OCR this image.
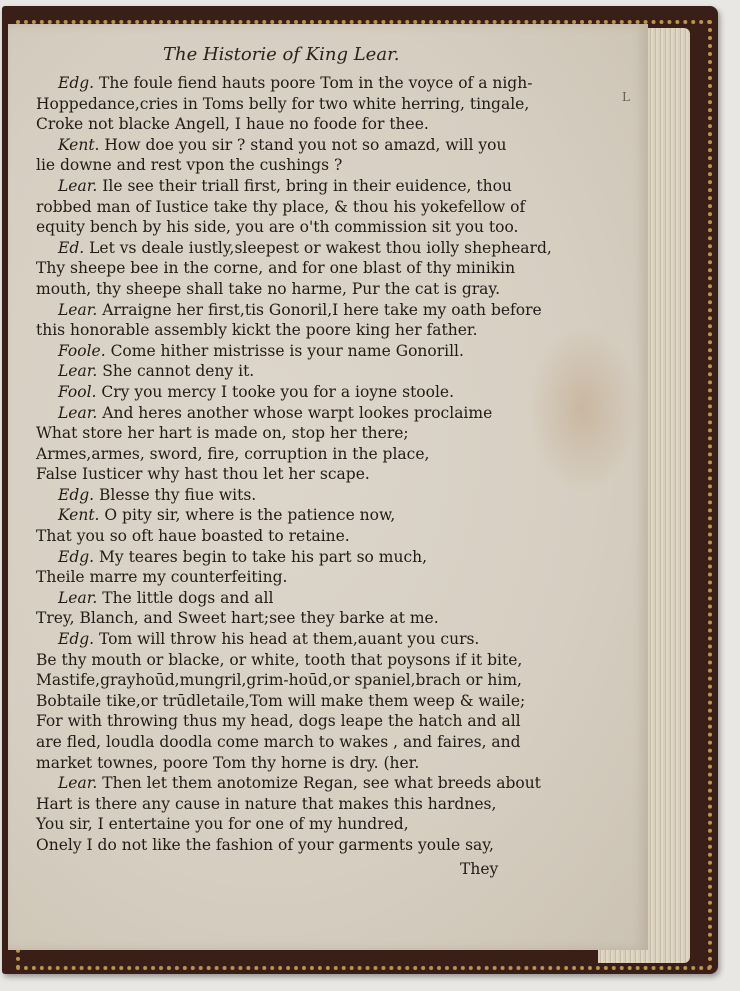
The Historie of King Lear.
L
Edg. The foule fiend hauts poore Tom in the voyce of a nigh-
Hoppedance,cries in Toms belly for two white herring, tingale,
Croke not blacke Angell, I haue no foode for thee.
Kent. How doe you sir ? stand you not so amazd, will you
lie downe and rest vpon the cushings ?
Lear. Ile see their triall first, bring in their euidence, thou
robbed man of Iustice take thy place, & thou his yokefellow of
equity bench by his side, you are o'th commission sit you too.
Ed. Let vs deale iustly,sleepest or wakest thou iolly shepheard,
Thy sheepe bee in the corne, and for one blast of thy minikin
mouth, thy sheepe shall take no harme, Pur the cat is gray.
Lear. Arraigne her first,tis Gonoril,I here take my oath before
this honorable assembly kickt the poore king her father.
Foole. Come hither mistrisse is your name Gonorill.
Lear. She cannot deny it.
Fool. Cry you mercy I tooke you for a ioyne stoole.
Lear. And heres another whose warpt lookes proclaime
What store her hart is made on, stop her there;
Armes,armes, sword, fire, corruption in the place,
False Iusticer why hast thou let her scape.
Edg. Blesse thy fiue wits.
Kent. O pity sir, where is the patience now,
That you so oft haue boasted to retaine.
Edg. My teares begin to take his part so much,
Theile marre my counterfeiting.
Lear. The little dogs and all
Trey, Blanch, and Sweet hart;see they barke at me.
Edg. Tom will throw his head at them,auant you curs.
Be thy mouth or blacke, or white, tooth that poysons if it bite,
Mastife,grayhoūd,mungril,grim-hoūd,or spaniel,brach or him,
Bobtaile tike,or trūdletaile,Tom will make them weep & waile;
For with throwing thus my head, dogs leape the hatch and all
are fled, loudla doodla come march to wakes , and faires, and
market townes, poore Tom thy horne is dry. (her.
Lear. Then let them anotomize Regan, see what breeds about
Hart is there any cause in nature that makes this hardnes,
You sir, I entertaine you for one of my hundred,
Onely I do not like the fashion of your garments youle say,
They
